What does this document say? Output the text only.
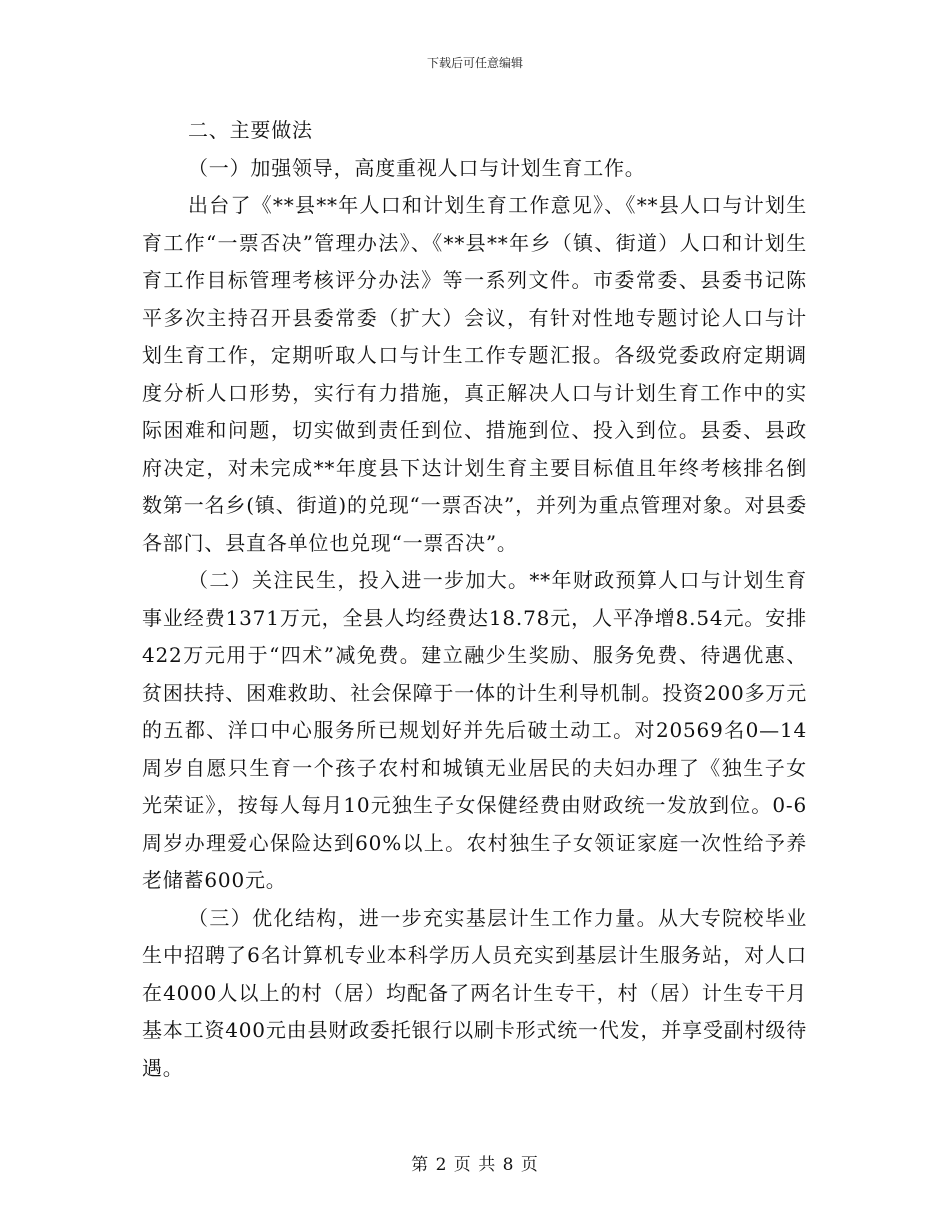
下载后可任意编辑

二、主要做法

（一）加强领导，高度重视人口与计划生育工作。

出台了《**县**年人口和计划生育工作意见》、《**县人口与计划生育工作“一票否决”管理办法》、《**县**年乡（镇、街道）人口和计划生育工作目标管理考核评分办法》等一系列文件。市委常委、县委书记陈平多次主持召开县委常委（扩大）会议，有针对性地专题讨论人口与计划生育工作，定期听取人口与计生工作专题汇报。各级党委政府定期调度分析人口形势，实行有力措施，真正解决人口与计划生育工作中的实际困难和问题，切实做到责任到位、措施到位、投入到位。县委、县政府决定，对未完成**年度县下达计划生育主要目标值且年终考核排名倒数第一名乡(镇、街道)的兑现“一票否决”，并列为重点管理对象。对县委各部门、县直各单位也兑现“一票否决”。

（二）关注民生，投入进一步加大。**年财政预算人口与计划生育事业经费1371万元，全县人均经费达18.78元，人平净增8.54元。安排422万元用于“四术”减免费。建立融少生奖励、服务免费、待遇优惠、贫困扶持、困难救助、社会保障于一体的计生利导机制。投资200多万元的五都、洋口中心服务所已规划好并先后破土动工。对20569名0—14周岁自愿只生育一个孩子农村和城镇无业居民的夫妇办理了《独生子女光荣证》，按每人每月10元独生子女保健经费由财政统一发放到位。0-6周岁办理爱心保险达到60%以上。农村独生子女领证家庭一次性给予养老储蓄600元。

（三）优化结构，进一步充实基层计生工作力量。从大专院校毕业生中招聘了6名计算机专业本科学历人员充实到基层计生服务站，对人口在4000人以上的村（居）均配备了两名计生专干，村（居）计生专干月基本工资400元由县财政委托银行以刷卡形式统一代发，并享受副村级待遇。

第 2 页 共 8 页
